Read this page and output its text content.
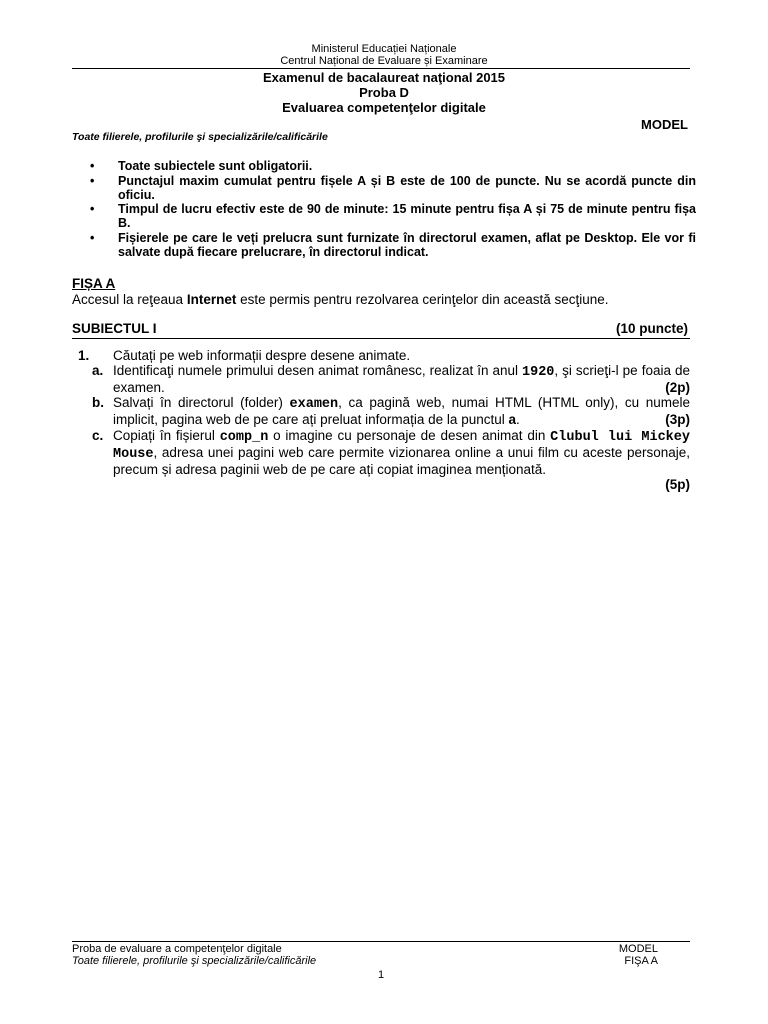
Ministerul Educației Naționale
Centrul Național de Evaluare și Examinare
Examenul de bacalaureat naţional 2015
Proba D
Evaluarea competenţelor digitale
MODEL
Toate filierele, profilurile şi specializările/calificările
• Toate subiectele sunt obligatorii.
• Punctajul maxim cumulat pentru fișele A și B este de 100 de puncte. Nu se acordă puncte din oficiu.
• Timpul de lucru efectiv este de 90 de minute: 15 minute pentru fișa A și 75 de minute pentru fișa B.
• Fișierele pe care le veți prelucra sunt furnizate în directorul examen, aflat pe Desktop. Ele vor fi salvate după fiecare prelucrare, în directorul indicat.
FIȘA A
Accesul la reţeaua Internet este permis pentru rezolvarea cerinţelor din această secţiune.
SUBIECTUL I	(10 puncte)
1. Căutați pe web informații despre desene animate.
a. Identificaţi numele primului desen animat românesc, realizat în anul 1920, şi scrieţi-l pe foaia de examen.	(2p)
b. Salvați în directorul (folder) examen, ca pagină web, numai HTML (HTML only), cu numele implicit, pagina web de pe care ați preluat informația de la punctul a.	(3p)
c. Copiați în fișierul comp_n o imagine cu personaje de desen animat din Clubul lui Mickey Mouse, adresa unei pagini web care permite vizionarea online a unui film cu aceste personaje, precum și adresa paginii web de pe care ați copiat imaginea menționată.
(5p)
Proba de evaluare a competenţelor digitale
Toate filierele, profilurile şi specializările/calificările
MODEL
FIŞA A
1
